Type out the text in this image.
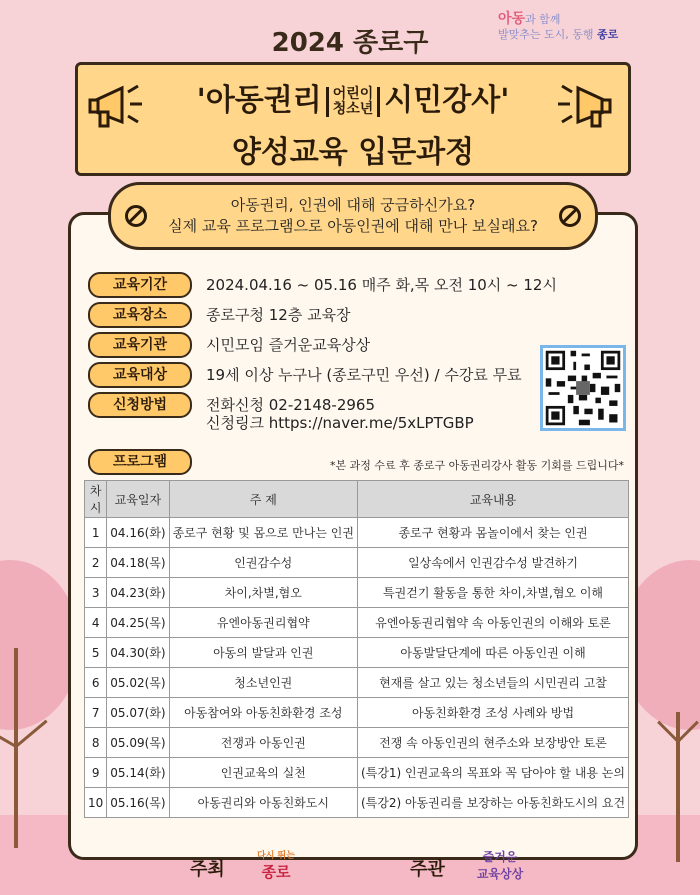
2024 종로구
아동과 함께
발맞추는 도시, 동행 종로
'아동권리 어린이
청소년 시민강사'
양성교육 입문과정
아동권리, 인권에 대해 궁금하신가요?
실제 교육 프로그램으로 아동인권에 대해 만나 보실래요?
교육기간	2024.04.16 ~ 05.16 매주 화,목 오전 10시 ~ 12시
교육장소	종로구청 12층 교육장
교육기관	시민모임 즐거운교육상상
교육대상	19세 이상 누구나 (종로구민 우선) / 수강료 무료
신청방법	전화신청 02-2148-2965
신청링크 https://naver.me/5xLPTGBP
프로그램	*본 과정 수료 후 종로구 아동권리강사 활동 기회를 드립니다*
차시	교육일자	주 제	교육내용
1	04.16(화)	종로구 현황 및 몸으로 만나는 인권	종로구 현황과 몸놀이에서 찾는 인권
2	04.18(목)	인권감수성	일상속에서 인권감수성 발견하기
3	04.23(화)	차이,차별,혐오	특권걷기 활동을 통한 차이,차별,혐오 이해
4	04.25(목)	유엔아동권리협약	유엔아동권리협약 속 아동인권의 이해와 토론
5	04.30(화)	아동의 발달과 인권	아동발달단계에 따른 아동인권 이해
6	05.02(목)	청소년인권	현재를 살고 있는 청소년들의 시민권리 고찰
7	05.07(화)	아동참여와 아동친화환경 조성	아동친화환경 조성 사례와 방법
8	05.09(목)	전쟁과 아동인권	전쟁 속 아동인권의 현주소와 보장방안 토론
9	05.14(화)	인권교육의 실천	(특강1) 인권교육의 목표와 꼭 담아야 할 내용 논의
10	05.16(목)	아동권리와 아동친화도시	(특강2) 아동권리를 보장하는 아동친화도시의 요건
주최
다시 뛰는
종로	주관
즐거운
교육상상
